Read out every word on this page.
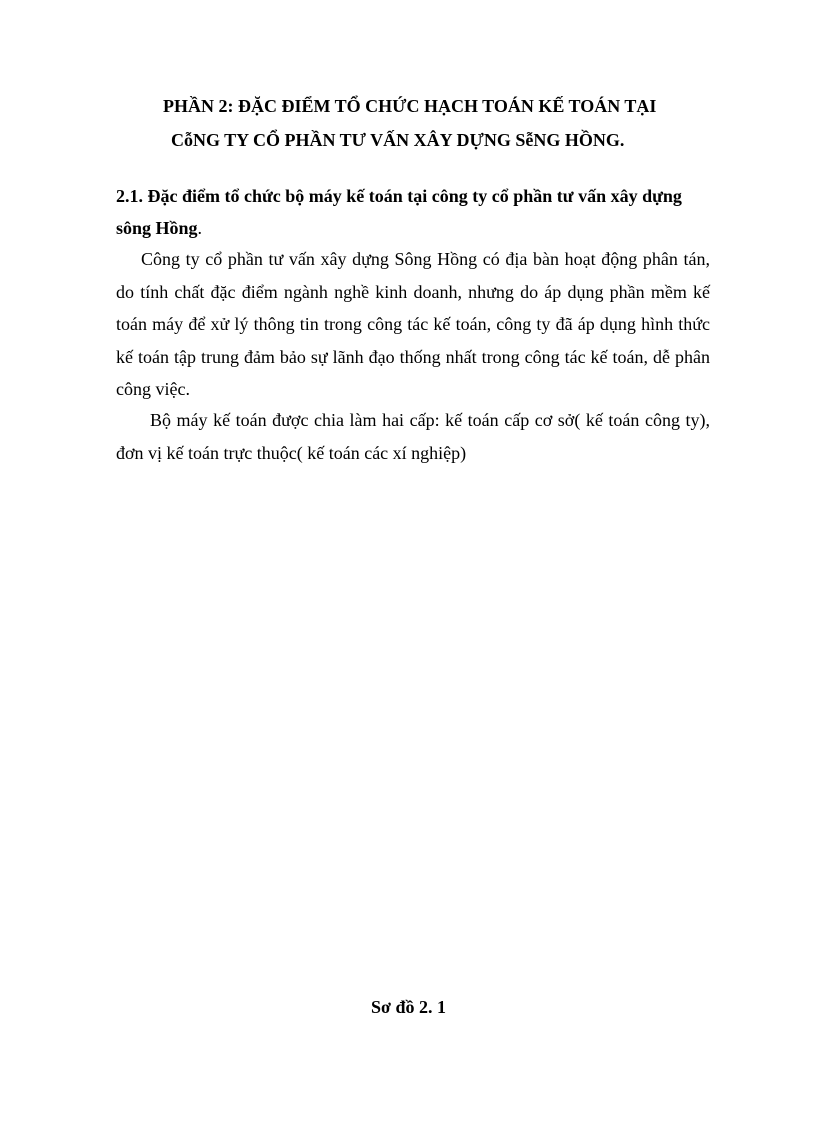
PHẦN 2: ĐẶC ĐIỂM TỔ CHỨC HẠCH TOÁN KẾ TOÁN TẠI
CỗNG TY CỔ PHẦN TƯ VẤN XÂY DỰNG SễNG HỒNG.
2.1. Đặc điểm tổ chức bộ máy kế toán tại công ty cổ phần tư vấn xây dựng sông Hồng.
Công ty cổ phần tư vấn xây dựng Sông Hồng có địa bàn hoạt động phân tán, do tính chất đặc điểm ngành nghề kinh doanh, nhưng do áp dụng phần mềm kế toán máy để xử lý thông tin trong công tác kế toán, công ty đã áp dụng hình thức kế toán tập trung đảm bảo sự lãnh đạo thống nhất trong công tác kế toán, dễ phân công việc.
Bộ máy kế toán được chia làm hai cấp: kế toán cấp cơ sở( kế toán công ty), đơn vị kế toán trực thuộc( kế toán các xí nghiệp)
Sơ đồ 2. 1
